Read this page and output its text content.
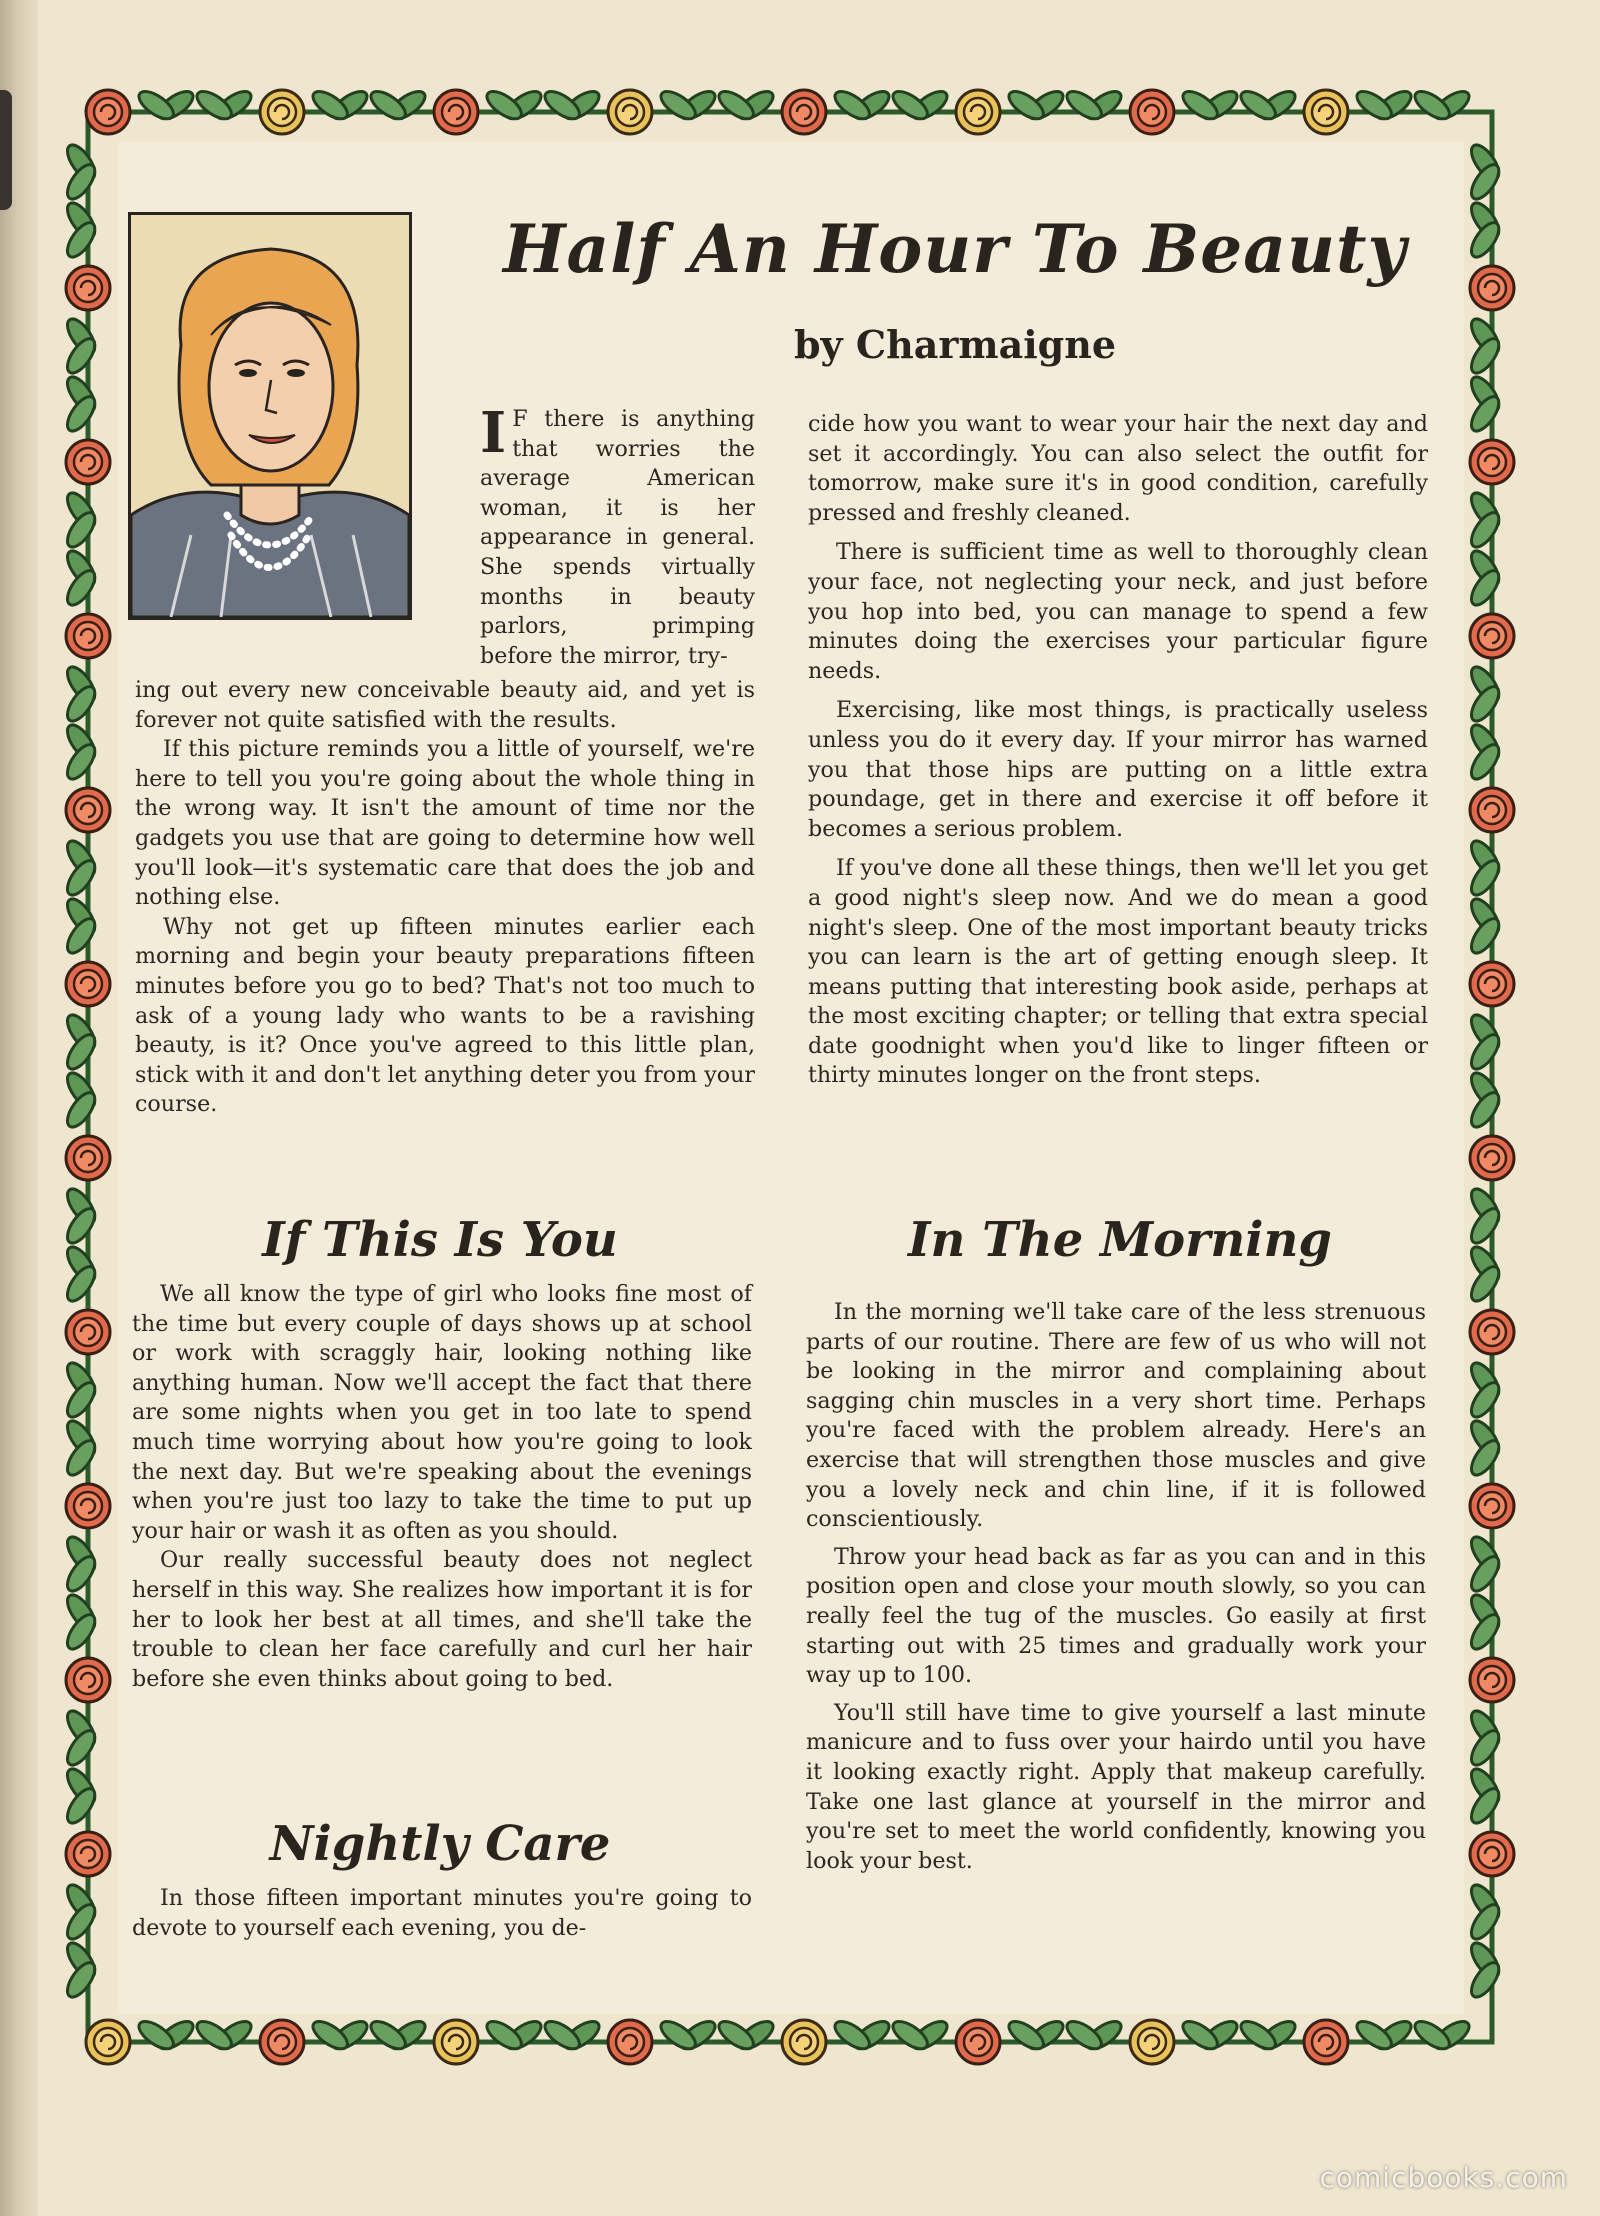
Half An Hour To Beauty
by Charmaigne

I F there is anything that worries the average American woman, it is her appearance in general. She spends virtually months in beauty parlors, primping before the mirror, try-

ing out every new conceivable beauty aid, and yet is forever not quite satisfied with the results.

If this picture reminds you a little of yourself, we're here to tell you you're going about the whole thing in the wrong way. It isn't the amount of time nor the gadgets you use that are going to determine how well you'll look—it's systematic care that does the job and nothing else.

Why not get up fifteen minutes earlier each morning and begin your beauty preparations fifteen minutes before you go to bed? That's not too much to ask of a young lady who wants to be a ravishing beauty, is it? Once you've agreed to this little plan, stick with it and don't let anything deter you from your course.

cide how you want to wear your hair the next day and set it accordingly. You can also select the outfit for tomorrow, make sure it's in good condition, carefully pressed and freshly cleaned.

There is sufficient time as well to thoroughly clean your face, not neglecting your neck, and just before you hop into bed, you can manage to spend a few minutes doing the exercises your particular figure needs.

Exercising, like most things, is practically useless unless you do it every day. If your mirror has warned you that those hips are putting on a little extra poundage, get in there and exercise it off before it becomes a serious problem.

If you've done all these things, then we'll let you get a good night's sleep now. And we do mean a good night's sleep. One of the most important beauty tricks you can learn is the art of getting enough sleep. It means putting that interesting book aside, perhaps at the most exciting chapter; or telling that extra special date goodnight when you'd like to linger fifteen or thirty minutes longer on the front steps.

If This Is You	In The Morning

We all know the type of girl who looks fine most of the time but every couple of days shows up at school or work with scraggly hair, looking nothing like anything human. Now we'll accept the fact that there are some nights when you get in too late to spend much time worrying about how you're going to look the next day. But we're speaking about the evenings when you're just too lazy to take the time to put up your hair or wash it as often as you should.

Our really successful beauty does not neglect herself in this way. She realizes how important it is for her to look her best at all times, and she'll take the trouble to clean her face carefully and curl her hair before she even thinks about going to bed.

Nightly Care

In those fifteen important minutes you're going to devote to yourself each evening, you de-

In the morning we'll take care of the less strenuous parts of our routine. There are few of us who will not be looking in the mirror and complaining about sagging chin muscles in a very short time. Perhaps you're faced with the problem already. Here's an exercise that will strengthen those muscles and give you a lovely neck and chin line, if it is followed conscientiously.

Throw your head back as far as you can and in this position open and close your mouth slowly, so you can really feel the tug of the muscles. Go easily at first starting out with 25 times and gradually work your way up to 100.

You'll still have time to give yourself a last minute manicure and to fuss over your hairdo until you have it looking exactly right. Apply that makeup carefully. Take one last glance at yourself in the mirror and you're set to meet the world confidently, knowing you look your best.

comicbooks.com
